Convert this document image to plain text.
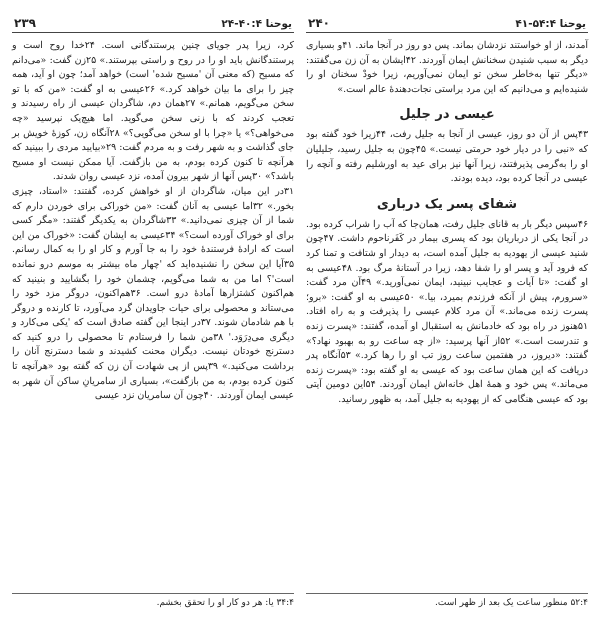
یوحنا ۴:‏۲۴-۴۰
۲۳۹

کرد، زیرا پدر جویای چنین پرستندگانی است. ۲۴خدا روح است و پرستندگانش باید او را در روح و راستی بپرستند.» ۲۵زن گفت: «می‌دانم که مسیح (که معنی آن 'مسیح شده' است) خواهد آمد؛ چون او آید، همه چیز را برای ما بیان خواهد کرد.» ۲۶عیسی به او گفت: «من که با تو سخن می‌گویم، همانم.» ۲۷همان دم، شاگردان عیسی از راه رسیدند و تعجب کردند که با زنی سخن می‌گوید. اما هیچ‌یک نپرسید «چه می‌خواهی؟» یا «چرا با او سخن می‌گویی؟» ۲۸آنگاه زن، کوزهٔ خویش بر جای گذاشت و به شهر رفت و به مردم گفت: ۲۹«بیایید مردی را ببینید که هرآنچه تا کنون کرده بودم، به من بازگفت. آیا ممکن نیست او مسیح باشد؟» ۳۰پس آنها از شهر بیرون آمده، نزد عیسی روان شدند.

۳۱در این میان، شاگردان از او خواهش کرده، گفتند: «استاد، چیزی بخور.» ۳۲اما عیسی به آنان گفت: «من خوراکی برای خوردن دارم که شما از آن چیزی نمی‌دانید.» ۳۳شاگردان به یکدیگر گفتند: «مگر کسی برای او خوراک آورده است؟» ۳۴عیسی به ایشان گفت: «خوراک من این است که ارادهٔ فرستندهٔ خود را به جا آورم و کار او را به کمال رسانم. ۳۵آیا این سخن را نشنیده‌اید که 'چهار ماه بیشتر به موسم درو نمانده است'؟ اما من به شما می‌گویم، چشمان خود را بگشایید و بنینید که هم‌اکنون کشتزارها آمادهٔ درو است. ۳۶هم‌اکنون، دروگر مزد خود را می‌ستاند و محصولی برای حیات جاویدان گرد می‌آورد، تا کارنده و دروگر با هم شادمان شوند. ۳۷در اینجا این گفته صادق است که 'یکی می‌کارد و دیگری می‌دِرَوَد.' ۳۸من شما را فرستادم تا محصولی را درو کنید که دسترنج خودتان نیست. دیگران محنت کشیدند و شما دسترنج آنان را برداشت می‌کنید.» ۳۹پس از پی شهادت آن زن که گفته بود «هرآنچه تا کنون کرده بودم، به من بازگفت»، بسیاری از سامریانِ ساکن آن شهر به عیسی ایمان آوردند. ۴۰چون آن سامریان نزد عیسی

۳۴:۴ یا: هر دو کار او را تحقق بخشم.
یوحنا ۴:‏۴۱-۵۴
۲۴۰

آمدند، از او خواستند نزدشان بماند. پس دو روز در آنجا ماند. ۴۱و بسیاری دیگر به سبب شنیدن سخنانش ایمان آوردند. ۴۲ایشان به آن زن می‌گفتند: «دیگر تنها به‌خاطر سخن تو ایمان نمی‌آوریم، زیرا خودْ سخنان او را شنیده‌ایم و می‌دانیم که این مرد براستی نجات‌دهندهٔ عالم است.»

عیسی در جلیل

۴۳پس از آن دو روز، عیسی از آنجا به جلیل رفت، ۴۴زیرا خود گفته بود که «نبی را در دیار خود حرمتی نیست.» ۴۵چون به جلیل رسید، جلیلیان او را به‌گرمی پذیرفتند، زیرا آنها نیز برای عید به اورشلیم رفته و آنچه را عیسی در آنجا کرده بود، دیده بودند.

شفای پسر یک درباری

۴۶سپس دیگر بار به قانای جلیل رفت، همان‌جا که آب را شراب کرده بود. در آنجا یکی از درباریان بود که پسری بیمار در کَفَرناحوم داشت. ۴۷چون شنید عیسی از یهودیه به جلیل آمده است، به دیدار او شتافت و تمنا کرد که فرود آید و پسر او را شفا دهد، زیرا در آستانهٔ مرگ بود. ۴۸عیسی به او گفت: «تا آیات و عجایب نبینید، ایمان نمی‌آورید.» ۴۹آن مرد گفت: «سرورم، پیش از آنکه فرزندم بمیرد، بیا.» ۵۰عیسی به او گفت: «برو؛ پسرت زنده می‌ماند.» آن مرد کلام عیسی را پذیرفت و به راه افتاد. ۵۱هنوز در راه بود که خادمانش به استقبال او آمده، گفتند: «پسرت زنده و تندرست است.» ۵۲از آنها پرسید: «از چه ساعت رو به بهبود نهاد؟» گفتند: «دیروز، در هفتمین ساعت روز تب او را رها کرد.» ۵۳آنگاه پدر دریافت که این همان ساعت بود که عیسی به او گفته بود: «پسرت زنده می‌ماند.» پس خود و همهٔ اهل خانه‌اش ایمان آوردند. ۵۴این دومین آیتی بود که عیسی هنگامی که از یهودیه به جلیل آمد، به ظهور رسانید.

۵۲:۴ منظور ساعت یک بعد از ظهر است.
